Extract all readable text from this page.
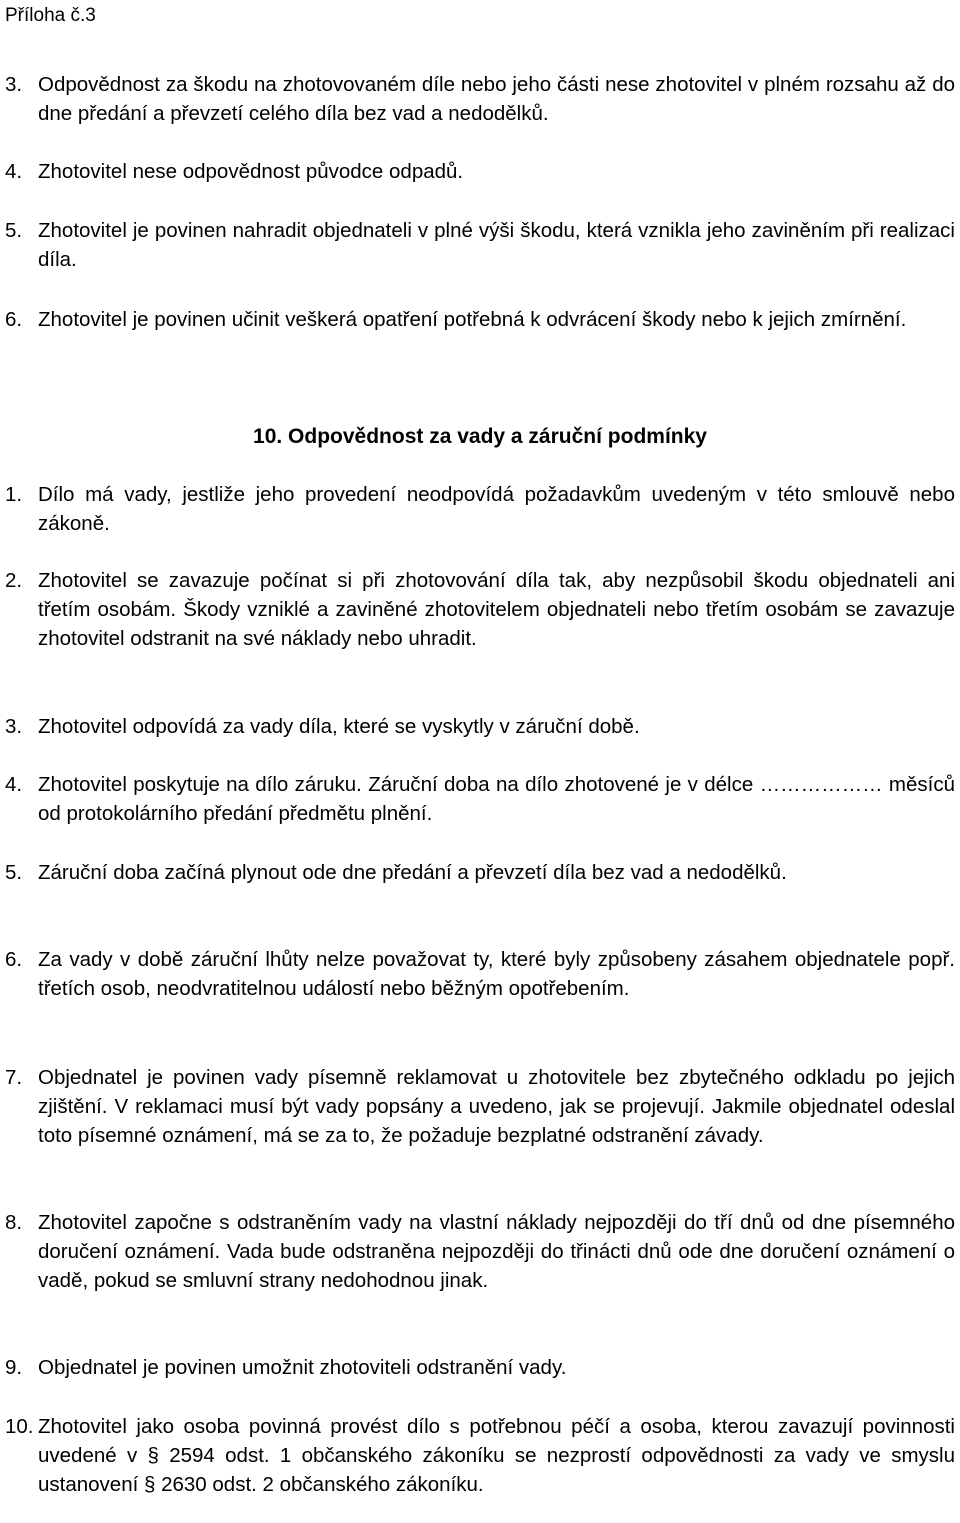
Příloha č.3
3. Odpovědnost za škodu na zhotovovaném díle nebo jeho části nese zhotovitel v plném rozsahu až do dne předání a převzetí celého díla bez vad a nedodělků.
4. Zhotovitel nese odpovědnost původce odpadů.
5. Zhotovitel je povinen nahradit objednateli v plné výši škodu, která vznikla jeho zaviněním při realizaci díla.
6. Zhotovitel je povinen učinit veškerá opatření potřebná k odvrácení škody nebo k jejich zmírnění.
10. Odpovědnost za vady a záruční podmínky
1. Dílo má vady, jestliže jeho provedení neodpovídá požadavkům uvedeným v této smlouvě nebo zákoně.
2. Zhotovitel se zavazuje počínat si při zhotovování díla tak, aby nezpůsobil škodu objednateli ani třetím osobám. Škody vzniklé a zaviněné zhotovitelem objednateli nebo třetím osobám se zavazuje zhotovitel odstranit na své náklady nebo uhradit.
3. Zhotovitel odpovídá za vady díla, které se vyskytly v záruční době.
4. Zhotovitel poskytuje na dílo záruku. Záruční doba na dílo zhotovené je v délce ……………… měsíců od protokolárního předání předmětu plnění.
5. Záruční doba začíná plynout ode dne předání a převzetí díla bez vad a nedodělků.
6. Za vady v době záruční lhůty nelze považovat ty, které byly způsobeny zásahem objednatele popř. třetích osob, neodvratitelnou událostí nebo běžným opotřebením.
7. Objednatel je povinen vady písemně reklamovat u zhotovitele bez zbytečného odkladu po jejich zjištění. V reklamaci musí být vady popsány a uvedeno, jak se projevují. Jakmile objednatel odeslal toto písemné oznámení, má se za to, že požaduje bezplatné odstranění závady.
8. Zhotovitel započne s odstraněním vady na vlastní náklady nejpozději do tří dnů od dne písemného doručení oznámení. Vada bude odstraněna nejpozději do třinácti dnů ode dne doručení oznámení o vadě, pokud se smluvní strany nedohodnou jinak.
9. Objednatel je povinen umožnit zhotoviteli odstranění vady.
10. Zhotovitel jako osoba povinná provést dílo s potřebnou péčí a osoba, kterou zavazují povinnosti uvedené v § 2594 odst. 1 občanského zákoníku se nezprostí odpovědnosti za vady ve smyslu ustanovení § 2630 odst. 2 občanského zákoníku.
